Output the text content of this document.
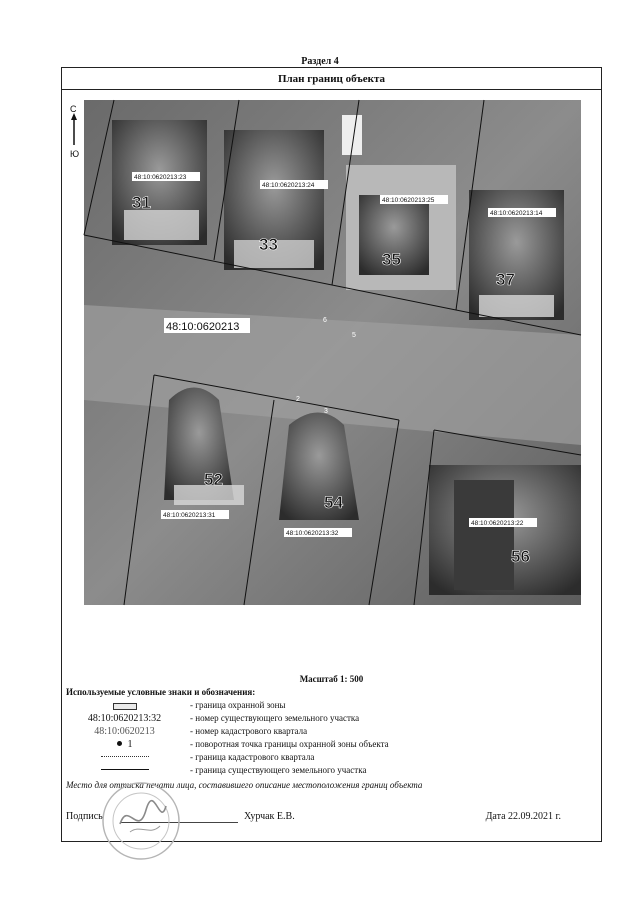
Раздел 4
План границ объекта
С
Ю
48:10:0620213
48:10:0620213:23
48:10:0620213:24
48:10:0620213:25
48:10:0620213:14
48:10:0620213:31
48:10:0620213:32
48:10:0620213:22
31
33
35
37
52
54
56
6
5
2
3
Масштаб 1: 500
Используемые условные знаки и обозначения:
- граница охранной зоны
48:10:0620213:32	- номер существующего земельного участка
48:10:0620213	- номер кадастрового квартала
1	- поворотная точка границы охранной зоны объекта
- граница кадастрового квартала
- граница существующего земельного участка
Место для оттиска печати лица, составившего описание местоположения границ объекта
Подпись	Хурчак Е.В.	Дата 22.09.2021 г.
